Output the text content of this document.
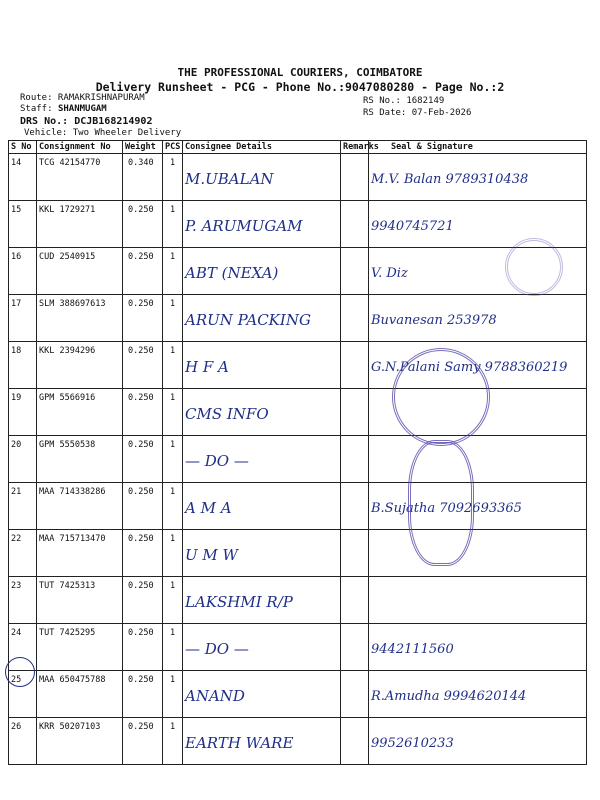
THE PROFESSIONAL COURIERS, COIMBATORE
Delivery Runsheet - PCG - Phone No.:9047080280 - Page No.:2
Route: RAMAKRISHNAPURAM
Staff: SHANMUGAM
DRS No.: DCJB168214902
Vehicle: Two Wheeler Delivery
RS No.: 1682149
RS Date: 07-Feb-2026
S No	Consignment No	Weight	PCS	Consignee Details	Remarks	Seal & Signature
14	TCG 42154770	0.340	1	M.UBALAN		M.V. Balan 9789310438
15	KKL 1729271	0.250	1	P. ARUMUGAM		9940745721
16	CUD 2540915	0.250	1	ABT (NEXA)		V. Diz
17	SLM 388697613	0.250	1	ARUN PACKING		Buvanesan 253978
18	KKL 2394296	0.250	1	H F A		G.N.Palani Samy 9788360219
19	GPM 5566916	0.250	1	CMS INFO		
20	GPM 5550538	0.250	1	— DO —		
21	MAA 714338286	0.250	1	A M A		B.Sujatha 7092693365
22	MAA 715713470	0.250	1	U M W		
23	TUT 7425313	0.250	1	LAKSHMI R/P		
24	TUT 7425295	0.250	1	— DO —		9442111560
25	MAA 650475788	0.250	1	ANAND		R.Amudha 9994620144
26	KRR 50207103	0.250	1	EARTH WARE		9952610233
